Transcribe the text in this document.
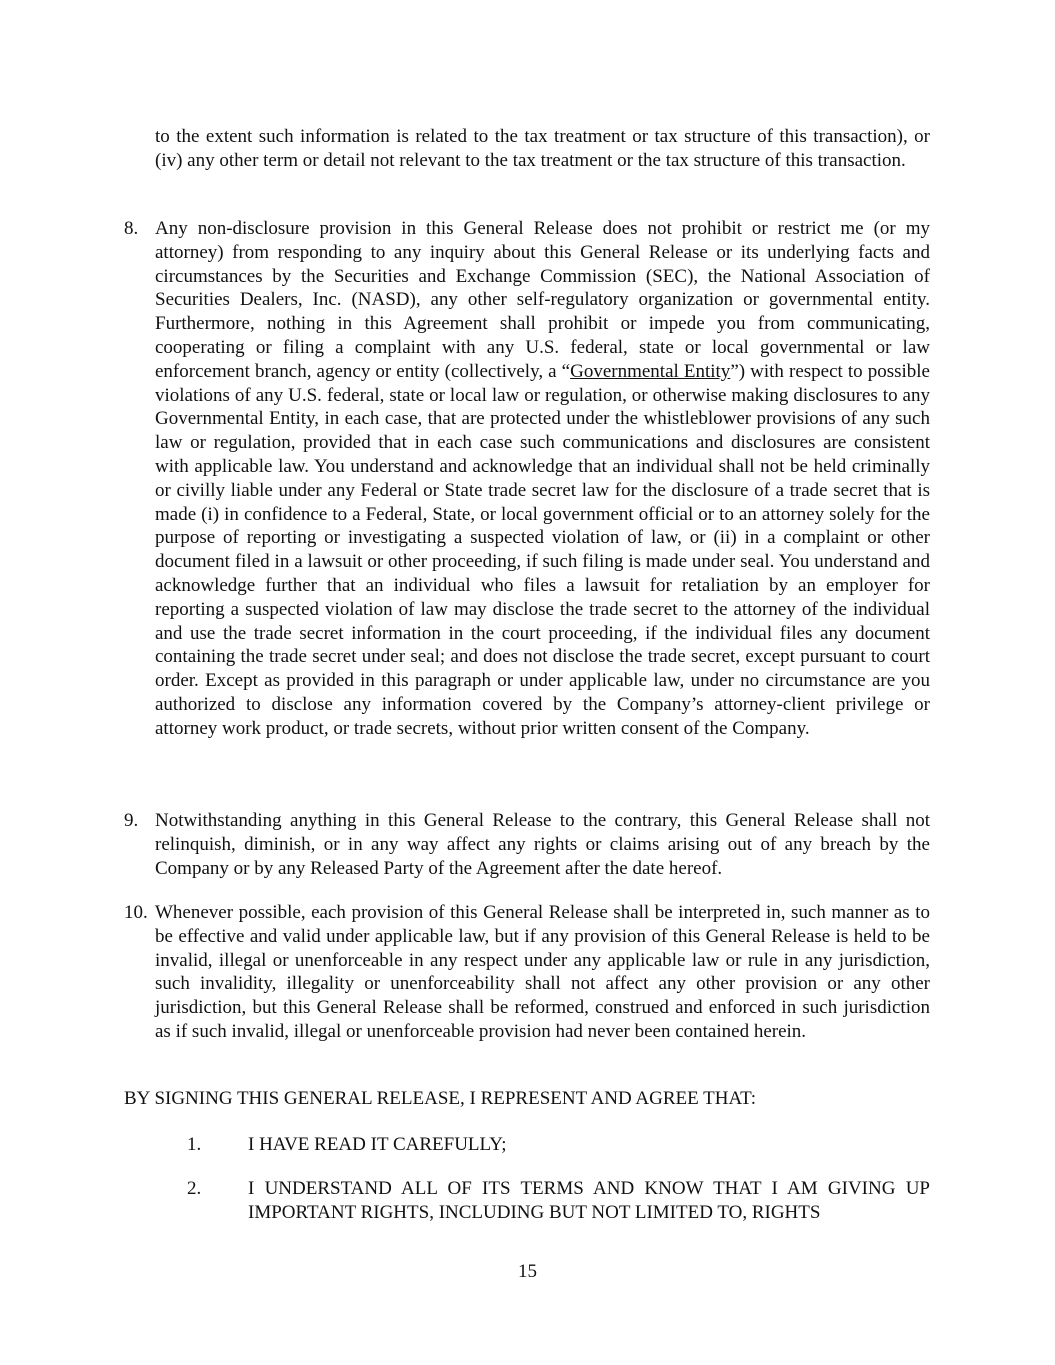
to the extent such information is related to the tax treatment or tax structure of this transaction), or (iv) any other term or detail not relevant to the tax treatment or the tax structure of this transaction.
8. Any non-disclosure provision in this General Release does not prohibit or restrict me (or my attorney) from responding to any inquiry about this General Release or its underlying facts and circumstances by the Securities and Exchange Commission (SEC), the National Association of Securities Dealers, Inc. (NASD), any other self-regulatory organization or governmental entity. Furthermore, nothing in this Agreement shall prohibit or impede you from communicating, cooperating or filing a complaint with any U.S. federal, state or local governmental or law enforcement branch, agency or entity (collectively, a “Governmental Entity”) with respect to possible violations of any U.S. federal, state or local law or regulation, or otherwise making disclosures to any Governmental Entity, in each case, that are protected under the whistleblower provisions of any such law or regulation, provided that in each case such communications and disclosures are consistent with applicable law. You understand and acknowledge that an individual shall not be held criminally or civilly liable under any Federal or State trade secret law for the disclosure of a trade secret that is made (i) in confidence to a Federal, State, or local government official or to an attorney solely for the purpose of reporting or investigating a suspected violation of law, or (ii) in a complaint or other document filed in a lawsuit or other proceeding, if such filing is made under seal. You understand and acknowledge further that an individual who files a lawsuit for retaliation by an employer for reporting a suspected violation of law may disclose the trade secret to the attorney of the individual and use the trade secret information in the court proceeding, if the individual files any document containing the trade secret under seal; and does not disclose the trade secret, except pursuant to court order. Except as provided in this paragraph or under applicable law, under no circumstance are you authorized to disclose any information covered by the Company’s attorney-client privilege or attorney work product, or trade secrets, without prior written consent of the Company.
9. Notwithstanding anything in this General Release to the contrary, this General Release shall not relinquish, diminish, or in any way affect any rights or claims arising out of any breach by the Company or by any Released Party of the Agreement after the date hereof.
10. Whenever possible, each provision of this General Release shall be interpreted in, such manner as to be effective and valid under applicable law, but if any provision of this General Release is held to be invalid, illegal or unenforceable in any respect under any applicable law or rule in any jurisdiction, such invalidity, illegality or unenforceability shall not affect any other provision or any other jurisdiction, but this General Release shall be reformed, construed and enforced in such jurisdiction as if such invalid, illegal or unenforceable provision had never been contained herein.
BY SIGNING THIS GENERAL RELEASE, I REPRESENT AND AGREE THAT:
1. I HAVE READ IT CAREFULLY;
2. I UNDERSTAND ALL OF ITS TERMS AND KNOW THAT I AM GIVING UP IMPORTANT RIGHTS, INCLUDING BUT NOT LIMITED TO, RIGHTS
15
